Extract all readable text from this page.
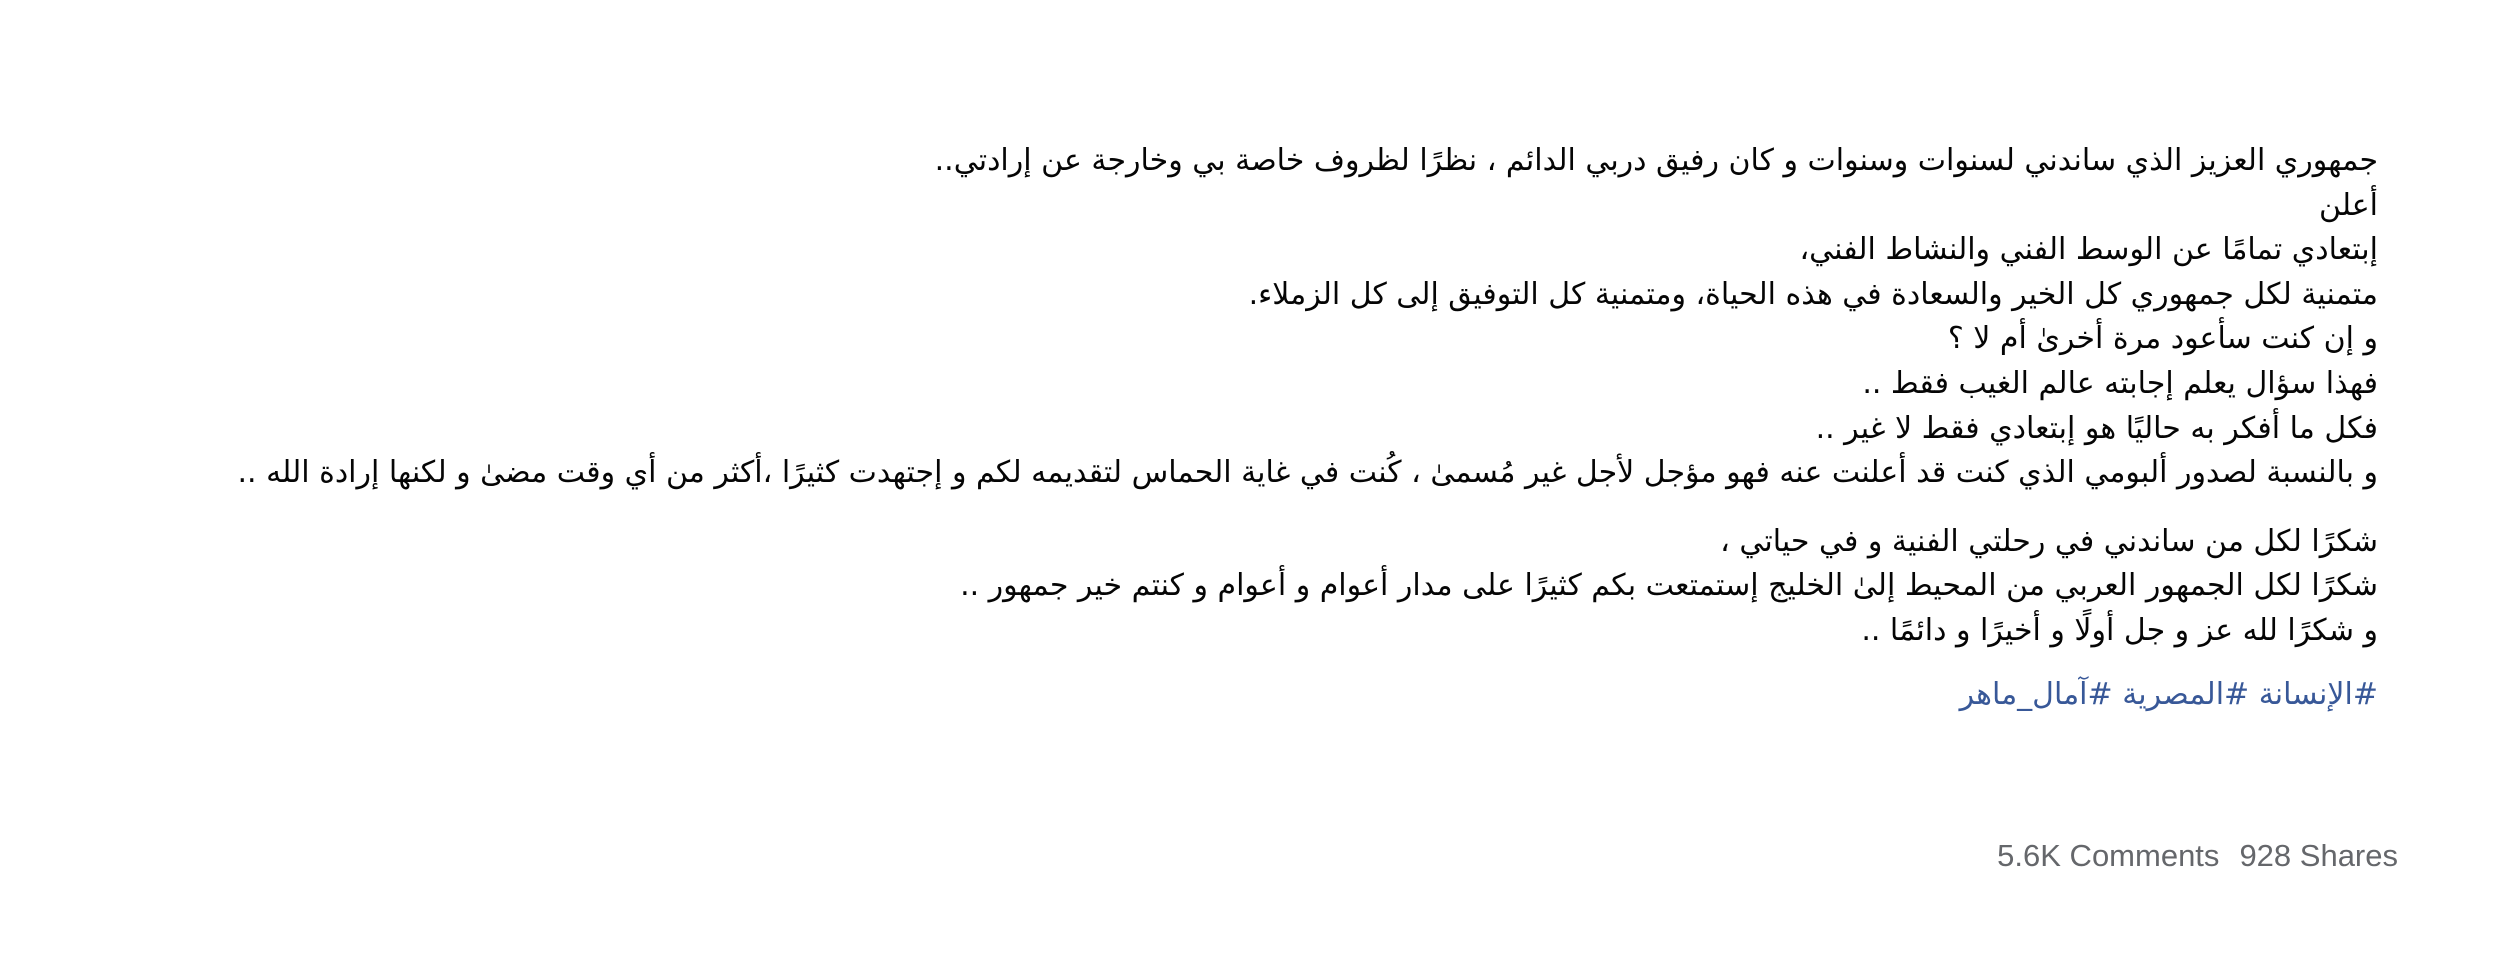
جمهوري العزيز الذي ساندني لسنوات وسنوات و كان رفيق دربي الدائم ، نظرًا لظروف خاصة بي وخارجة عن إرادتي..

أعلن

إبتعادي تمامًا عن الوسط الفني والنشاط الفني،

متمنية لكل جمهوري كل الخير والسعادة في هذه الحياة، ومتمنية كل التوفيق إلى كل الزملاء.

و إن كنت سأعود مرة أخرىٰ أم لا ؟

فهذا سؤال يعلم إجابته عالم الغيب فقط ..

فكل ما أفكر به حاليًا هو إبتعادي فقط لا غير ..

و بالنسبة لصدور ألبومي الذي كنت قد أعلنت عنه فهو مؤجل لأجل غير مُسمىٰ ، كُنت في غاية الحماس لتقديمه لكم و إجتهدت كثيرًا ،أكثر من أي وقت مضىٰ و لكنها إرادة الله ..

شكرًا لكل من ساندني في رحلتي الفنية و في حياتي ،

شكرًا لكل الجمهور العربي من المحيط إلىٰ الخليج إستمتعت بكم كثيرًا على مدار أعوام و أعوام و كنتم خير جمهور ..

و شكرًا لله عز و جل أولًا و أخيرًا و دائمًا ..

#الإنسانة #المصرية #آمال_ماهر
5.6K Comments 928 Shares
